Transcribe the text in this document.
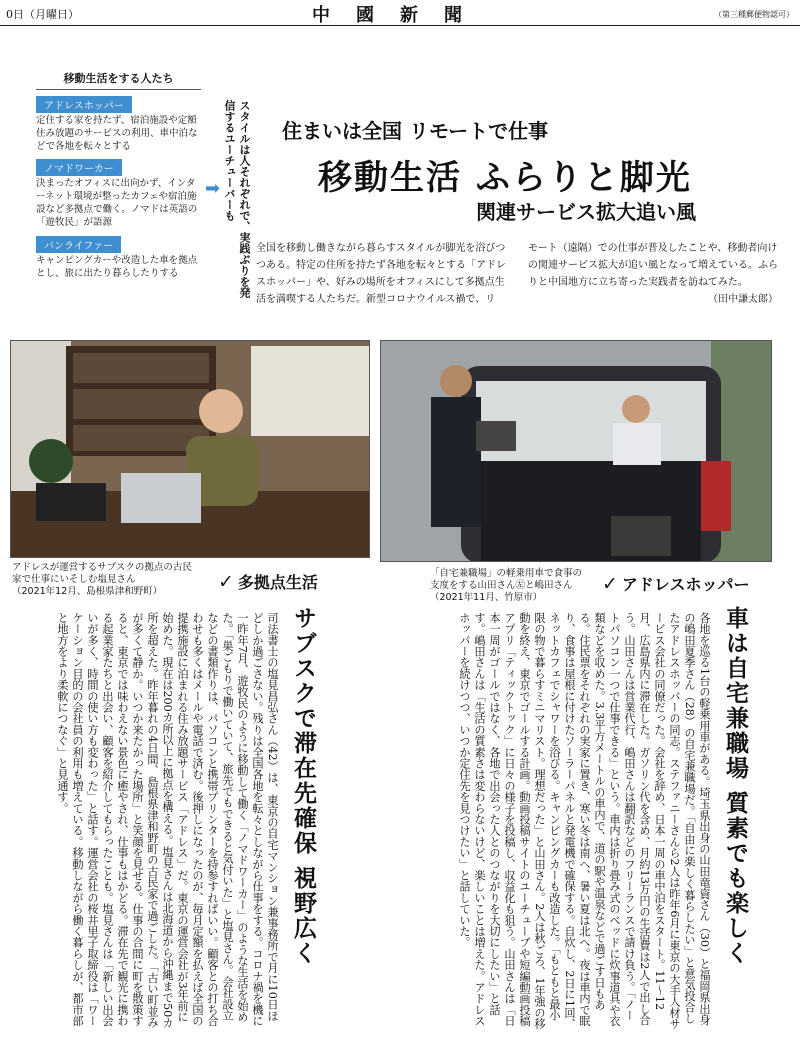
0日（月曜日）	中國新聞	（第三種郵便物認可）
移動生活をする人たち
アドレスホッパー
定住する家を持たず、宿泊施設や定額住み放題のサービスの利用、車中泊などで各地を転々とする
ノマドワーカー
決まったオフィスに出向かず、インターネット環境が整ったカフェや宿泊施設など多拠点で働く。ノマドは英語の「遊牧民」が語源
バンライファー
キャンピングカーや改造した車を拠点とし、旅に出たり暮らしたりする
➡	スタイルは人それぞれで、実践ぶりを発信するユーチューバーも	住まいは全国 リモートで仕事
移動生活 ふらりと脚光
関連サービス拡大追い風

全国を移動し働きながら暮らすスタイルが脚光を浴びつつある。特定の住所を持たず各地を転々とする「アドレスホッパー」や、好みの場所をオフィスにして多拠点生活を満喫する人たちだ。新型コロナウイルス禍で、リ

モート（遠隔）での仕事が普及したことや、移動者向けの関連サービス拡大が追い風となって増えている。ふらりと中国地方に立ち寄った実践者を訪ねてみた。
（田中謙太郎）

アドレスが運営するサブスクの拠点の古民家で仕事にいそしむ塩見さん
（2021年12月、島根県津和野町）	✓ 多拠点生活	「自宅兼職場」の軽乗用車で食事の支度をする山田さん㊧と嶋田さん
（2021年11月、竹原市）
✓ アドレスホッパー
車は自宅兼職場 質素でも楽しく
各地を巡る1台の軽乗用車がある。埼玉県出身の山田竜資さん（30）と福岡県出身の嶋田夏季さん（28）の自宅兼職場だ。「自由に楽しく暮らしたい」と意気投合したアドレスホッパーの同志。ステファニーさんら2人は昨年6月に東京の大手人材サービス会社の同僚だった。会社を辞め、日本一周の車中泊をスタート。11〜12月、広島県内に滞在した。ガソリン代を含め、月約13万円の生活費は2人で出し合う。山田さんは営業代行、嶋田さんは翻訳などのフリーランスで請け負う。「ノートパソコン一つで仕事できる」という。車内は折り畳み式のベッドに炊事道具や衣類などを収めた。3.3平方メートルの車内で、道の駅や温泉などで過ごす日もある。住民票をそれぞれの実家に置き、寒い冬は南へ、暑い夏は北へ。夜は車内で眠り、食事は屋根に付けたソーラーパネルと発電機で確保する。自炊し、2日に1回、ネットカフェでシャワーを浴びる。キャンピングカーも改造した。「もともと最小限の物で暮らすミニマリスト。理想だった」と山田さん。2人は秋ごろ、1年強の移動を終え、東京でゴールする計画。動画投稿サイトのユーチューブや短編動画投稿アプリ「ティックトック」に日々の様子を投稿し、収益化も狙う。山田さんは「日本一周がゴールではなく、各地で出会った人とのつながりを大切にしたい」と話す。嶋田さんは「生活の質素さは変わらないけど、楽しいことは増えた。アドレスホッパーを続けつつ、いつか定住先を見つけたい」と話していた。
サブスクで滞在先確保 視野広く
司法書士の塩見昌弘さん（42）は、東京の自宅マンション兼事務所で月に10日ほどしか過ごさない。残りは全国各地を転々としながら仕事をする。コロナ禍を機に一昨年7月、遊牧民のように移動して働く「ノマドワーカー」のような生活を始めた。「巣ごもりで働いていて、旅先でもできると気付いた」と塩見さん。会社設立などの書類作りは、パソコンと携帯プリンターを持参すればいい。顧客との打ち合わせも多くはメールや電話で済む。後押しになったのが、毎月定額を払えば全国の提携施設に泊まれる住み放題サービス「アドレス」だ。東京の運営会社が3年前に始めた。現在は200カ所以上に拠点を構える。塩見さんは北海道から沖縄まで50カ所を超えた。昨年暮れの4日間、島根県津和野町の古民家で過ごした。「古い町並みが多くて静か。いつか来たかった場所」と笑顔を見せる。仕事の合間に町を散策すると、東京では味わえない景色に癒やされ、仕事もはかどる。滞在先で観光に携わる起業家たちと出会い、顧客を紹介してもらったことも。塩見さんは「新しい出会いが多く、時間の使い方も変わった」と話す。運営会社の桜井里子取締役は「ワーケーション目的の会社員の利用も増えている。移動しながら働く暮らしが、都市部と地方をより柔軟につなぐ」と見通す。
